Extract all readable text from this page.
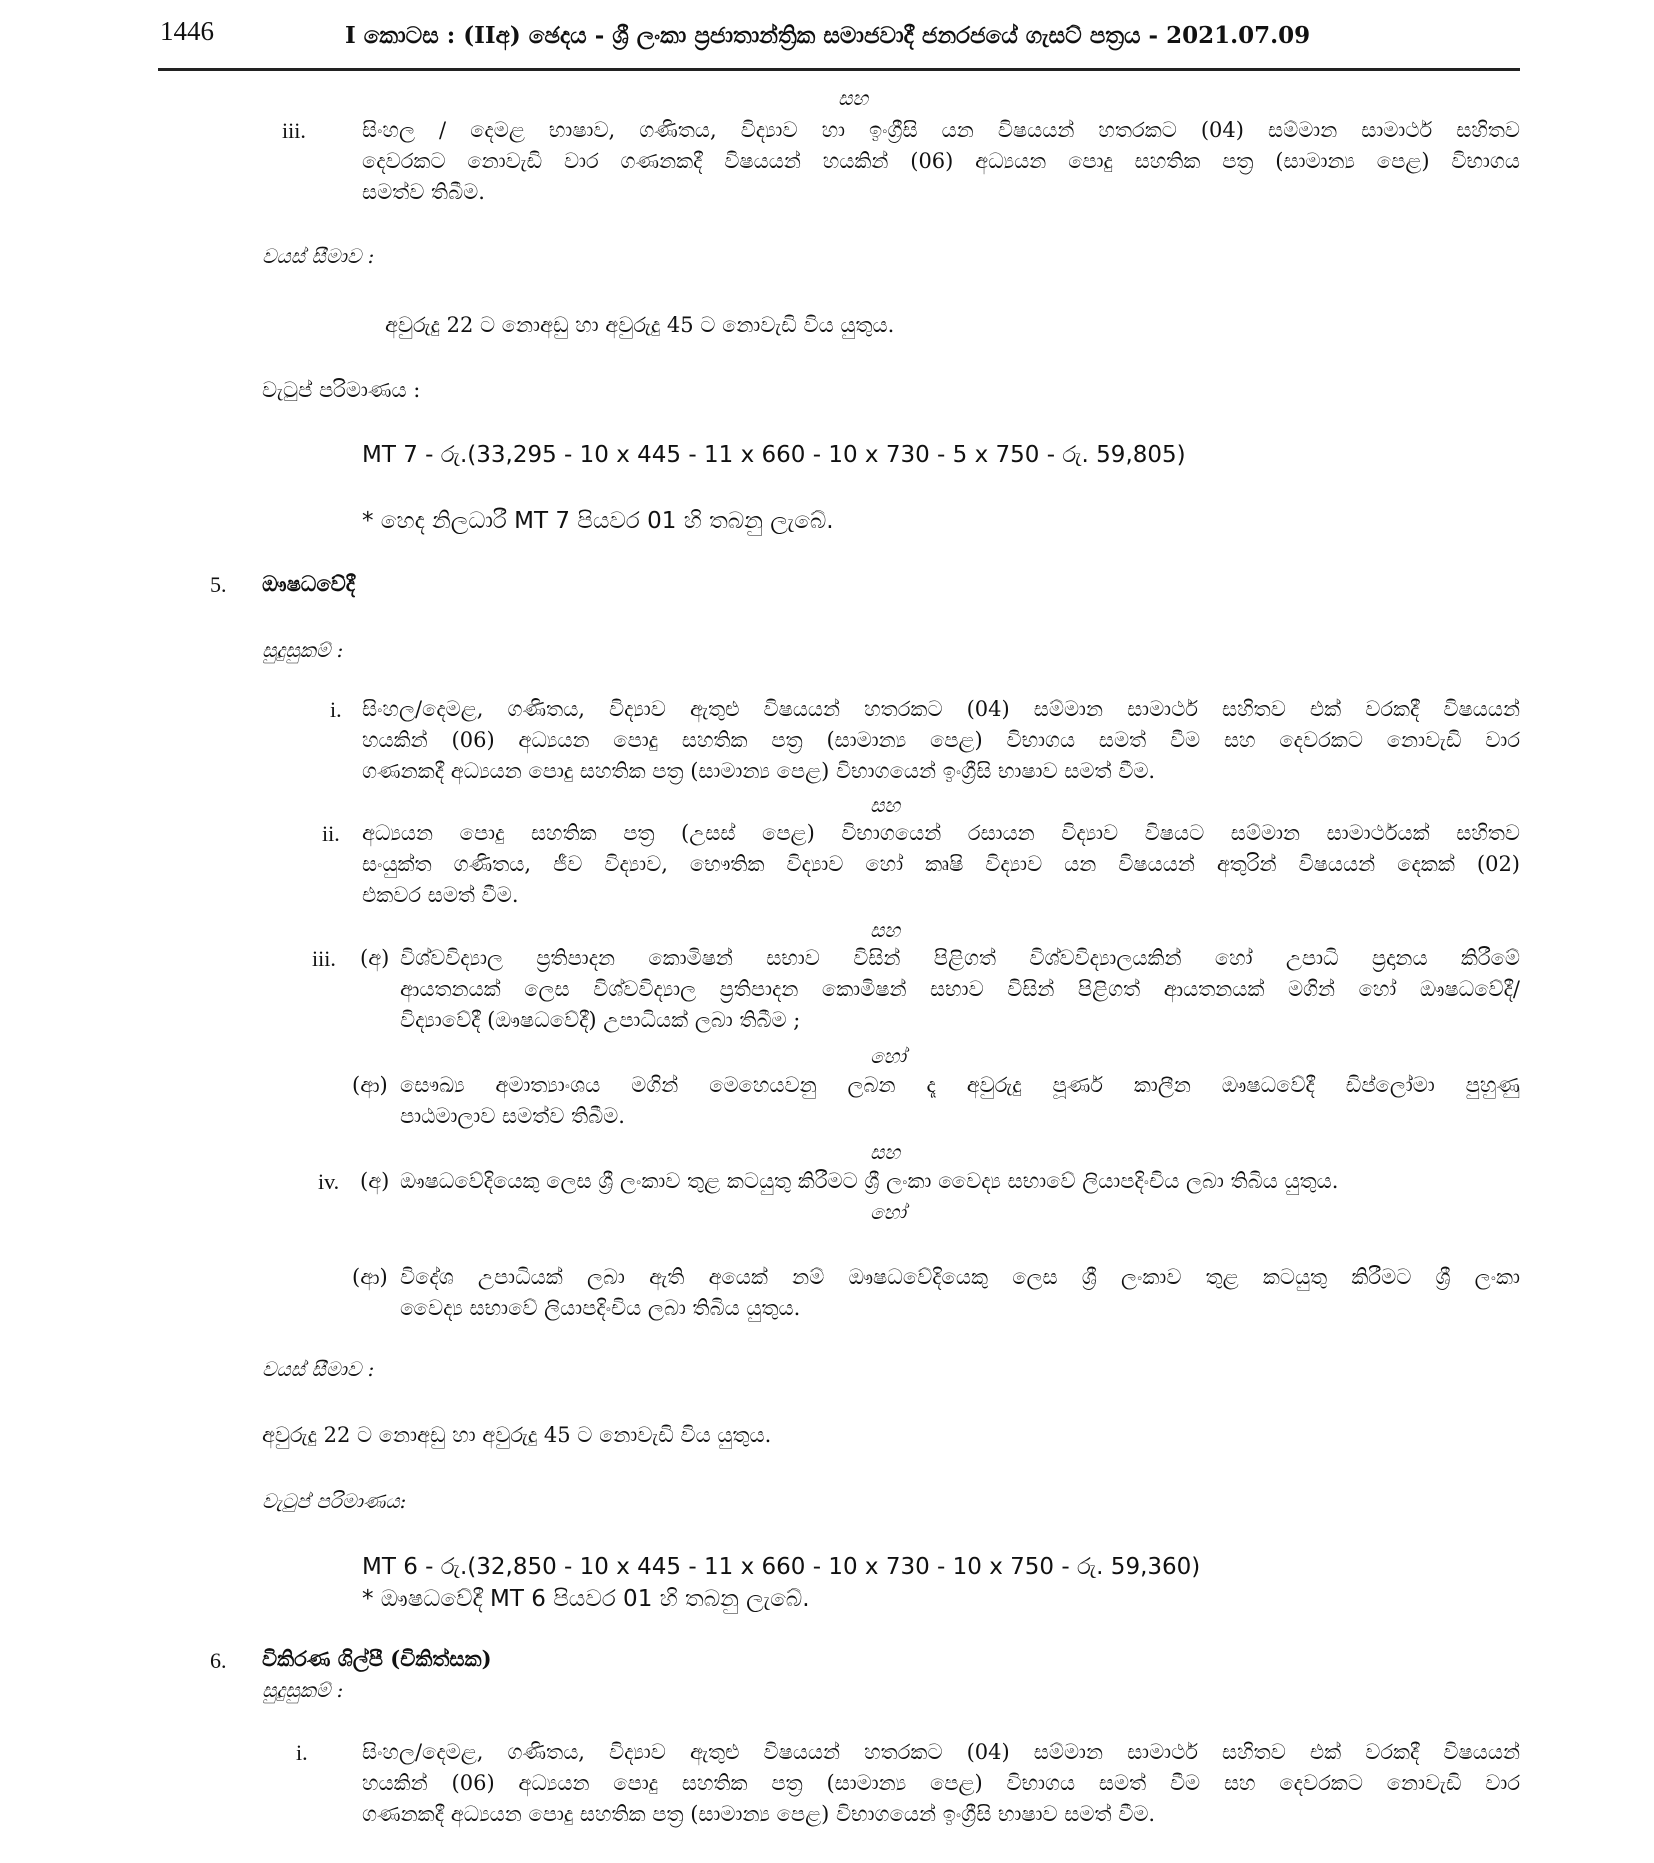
1446	I කොටස : (IIඅ) ඡෙදය - ශ්‍රී ලංකා ප්‍රජාතාන්ත්‍රික සමාජවාදී ජනරජයේ ගැසට් පත්‍රය - 2021.07.09
සහ
iii.	සිංහල / දෙමළ භාෂාව, ගණිතය, විද්‍යාව හා ඉංග්‍රීසි යන විෂයයන් හතරකට (04) සම්මාන සාමාර්ථ සහිතව
දෙවරකට නොවැඩි වාර ගණනකදී විෂයයන් හයකින් (06) අධ්‍යයන පොදු සහතික පත්‍ර (සාමාන්‍ය පෙළ) විභාගය
සමත්ව තිබීම.
වයස් සීමාව :
අවුරුදු 22 ට නොඅඩු හා අවුරුදු 45 ට නොවැඩි විය යුතුය.
වැටුප් පරිමාණය :
MT 7 - රු.(33,295 - 10 x 445 - 11 x 660 - 10 x 730 - 5 x 750 - රු. 59,805)
* හෙද නිලධාරී MT 7 පියවර 01 හි තබනු ලැබේ.
5. ඖෂධවේදී
සුදුසුකම් :
i. සිංහල/දෙමළ, ගණිතය, විද්‍යාව ඇතුළු විෂයයන් හතරකට (04) සම්මාන සාමාර්ථ සහිතව එක් වරකදී විෂයයන්
හයකින් (06) අධ්‍යයන පොදු සහතික පත්‍ර (සාමාන්‍ය පෙළ) විභාගය සමත් වීම සහ දෙවරකට නොවැඩි වාර
ගණනකදී අධ්‍යයන පොදු සහතික පත්‍ර (සාමාන්‍ය පෙළ) විභාගයෙන් ඉංග්‍රීසි භාෂාව සමත් වීම.
සහ
ii. අධ්‍යයන පොදු සහතික පත්‍ර (උසස් පෙළ) විභාගයෙන් රසායන විද්‍යාව විෂයට සම්මාන සාමාර්ථයක් සහිතව
සංයුක්ත ගණිතය, ජීව විද්‍යාව, භෞතික විද්‍යාව හෝ කෘෂි විද්‍යාව යන විෂයයන් අතුරින් විෂයයන් දෙකක් (02)
එකවර සමත් වීම.
සහ
iii. (අ) විශ්වවිද්‍යාල ප්‍රතිපාදන කොමිෂන් සභාව විසින් පිළිගත් විශ්වවිද්‍යාලයකින් හෝ උපාධි ප්‍රදානය කිරීමේ
ආයතනයක් ලෙස විශ්වවිද්‍යාල ප්‍රතිපාදන කොමිෂන් සභාව විසින් පිළිගත් ආයතනයක් මගින් හෝ ඖෂධවේදී/
විද්‍යාවේදී (ඖෂධවේදී) උපාධියක් ලබා තිබීම ;
හෝ
(ආ) සෞඛ්‍ය අමාත්‍යාංශය මගින් මෙහෙයවනු ලබන දෑ අවුරුදු පූර්ණ කාලීන ඖෂධවේදී ඩිප්ලෝමා පුහුණු
පාඨමාලාව සමත්ව තිබීම.
සහ
iv. (අ) ඖෂධවේදියෙකු ලෙස ශ්‍රී ලංකාව තුළ කටයුතු කිරීමට ශ්‍රී ලංකා වෛද්‍ය සභාවේ ලියාපදිංචිය ලබා තිබිය යුතුය.
හෝ
(ආ) විදේශ උපාධියක් ලබා ඇති අයෙක් නම් ඖෂධවේදියෙකු ලෙස ශ්‍රී ලංකාව තුළ කටයුතු කිරීමට ශ්‍රී ලංකා
වෛද්‍ය සභාවේ ලියාපදිංචිය ලබා තිබිය යුතුය.
වයස් සීමාව :
අවුරුදු 22 ට නොඅඩු හා අවුරුදු 45 ට නොවැඩි විය යුතුය.
වැටුප් පරිමාණය:
MT 6 - රු.(32,850 - 10 x 445 - 11 x 660 - 10 x 730 - 10 x 750 - රු. 59,360)
* ඖෂධවේදී MT 6 පියවර 01 හි තබනු ලැබේ.
6. විකිරණ ශිල්පී (චිකිත්සක)
සුදුසුකම් :
i.	සිංහල/දෙමළ, ගණිතය, විද්‍යාව ඇතුළු විෂයයන් හතරකට (04) සම්මාන සාමාර්ථ සහිතව එක් වරකදී විෂයයන්
හයකින් (06) අධ්‍යයන පොදු සහතික පත්‍ර (සාමාන්‍ය පෙළ) විභාගය සමත් වීම සහ දෙවරකට නොවැඩි වාර
ගණනකදී අධ්‍යයන පොදු සහතික පත්‍ර (සාමාන්‍ය පෙළ) විභාගයෙන් ඉංග්‍රීසි භාෂාව සමත් වීම.
